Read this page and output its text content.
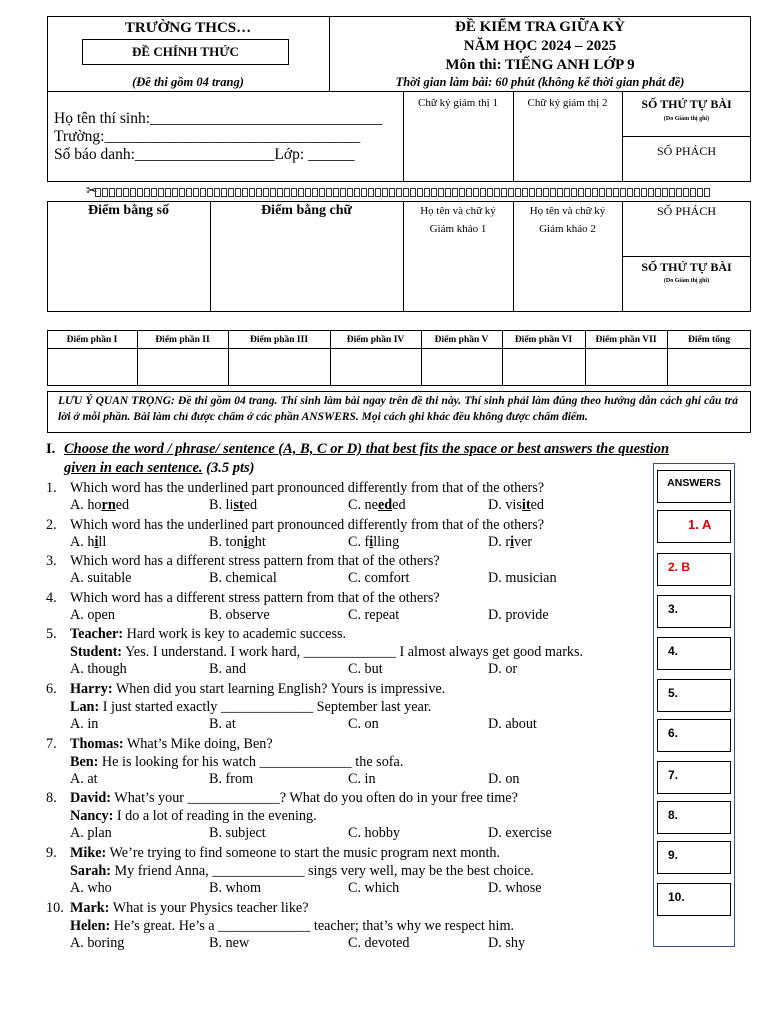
TRƯỜNG THCS…
ĐỀ CHÍNH THỨC
(Đề thi gồm 04 trang)
ĐỀ KIỂM TRA GIỮA KỲ
NĂM HỌC 2024 – 2025
Môn thi: TIẾNG ANH LỚP 9
Thời gian làm bài: 60 phút (không kể thời gian phát đề)
Họ tên thí sinh:______________________________
Trường:_________________________________
Số báo danh:__________________Lớp: ______
Chữ ký giám thị 1	Chữ ký giám thị 2	SỐ THỨ TỰ BÀI
(Do Giám thị ghi)
SỐ PHÁCH
✂
Điểm bằng số	Điểm bằng chữ	Họ tên và chữ ký
Giám khảo 1
Họ tên và chữ ký
Giám khảo 2
SỐ PHÁCH
SỐ THỨ TỰ BÀI
(Do Giám thị ghi)
Điểm phần I	Điểm phần II	Điểm phần III	Điểm phần IV	Điểm phần V	Điểm phần VI	Điểm phần VII	Điểm tổng
LƯU Ý QUAN TRỌNG: Đề thi gồm 04 trang. Thí sinh làm bài ngay trên đề thi này. Thí sinh phải làm đúng theo hướng dẫn cách ghi câu trả lời ở mỗi phần. Bài làm chỉ được chấm ở các phần ANSWERS. Mọi cách ghi khác đều không được chấm điểm.
I. Choose the word / phrase/ sentence (A, B, C or D) that best fits the space or best answers the question
given in each sentence. (3.5 pts)
1. Which word has the underlined part pronounced differently from that of the others?
A. horned	B. listed	C. needed	D. visited
2. Which word has the underlined part pronounced differently from that of the others?
A. hill	B. tonight	C. filling	D. river
3. Which word has a different stress pattern from that of the others?
A. suitable	B. chemical	C. comfort	D. musician
4. Which word has a different stress pattern from that of the others?
A. open	B. observe	C. repeat	D. provide
5. Teacher: Hard work is key to academic success.
Student: Yes. I understand. I work hard, _____________ I almost always get good marks.
A. though	B. and	C. but	D. or
6. Harry: When did you start learning English? Yours is impressive.
Lan: I just started exactly _____________ September last year.
A. in	B. at	C. on	D. about
7. Thomas: What’s Mike doing, Ben?
Ben: He is looking for his watch _____________ the sofa.
A. at	B. from	C. in	D. on
8. David: What’s your _____________? What do you often do in your free time?
Nancy: I do a lot of reading in the evening.
A. plan	B. subject	C. hobby	D. exercise
9. Mike: We’re trying to find someone to start the music program next month.
Sarah: My friend Anna, _____________ sings very well, may be the best choice.
A. who	B. whom	C. which	D. whose
10. Mark: What is your Physics teacher like?
Helen: He’s great. He’s a _____________ teacher; that’s why we respect him.
A. boring	B. new	C. devoted	D. shy
ANSWERS
1. A
2. B
3.
4.
5.
6.
7.
8.
9.
10.
